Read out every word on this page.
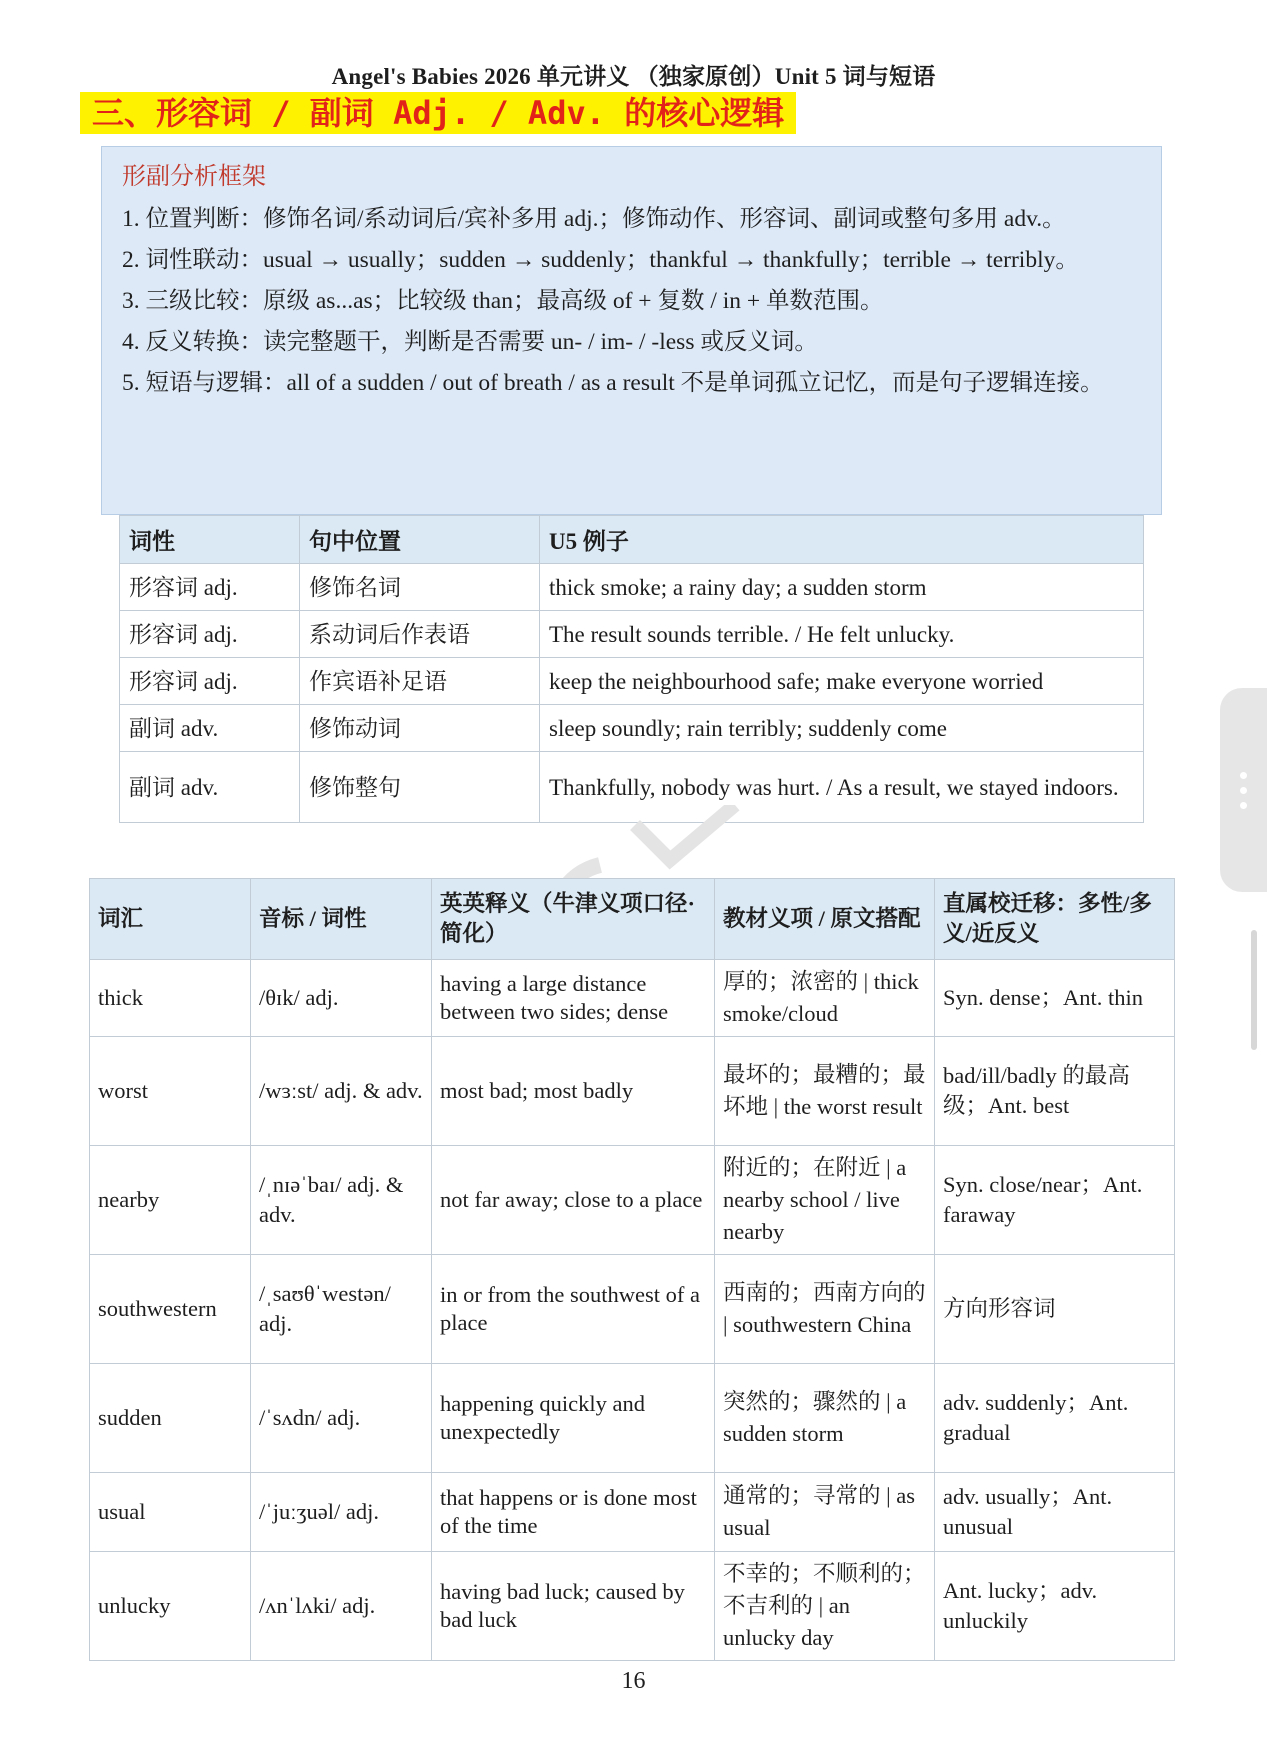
Angel's Babies 2026 单元讲义 （独家原创）Unit 5 词与短语
三、形容词 / 副词 Adj. / Adv. 的核心逻辑
形副分析框架
1. 位置判断：修饰名词/系动词后/宾补多用 adj.；修饰动作、形容词、副词或整句多用 adv.。
2. 词性联动：usual → usually；sudden → suddenly；thankful → thankfully；terrible → terribly。
3. 三级比较：原级 as...as；比较级 than；最高级 of + 复数 / in + 单数范围。
4. 反义转换：读完整题干，判断是否需要 un- / im- / -less 或反义词。
5. 短语与逻辑：all of a sudden / out of breath / as a result 不是单词孤立记忆，而是句子逻辑连接。
词性	句中位置	U5 例子
形容词 adj.	修饰名词	thick smoke; a rainy day; a sudden storm
形容词 adj.	系动词后作表语	The result sounds terrible. / He felt unlucky.
形容词 adj.	作宾语补足语	keep the neighbourhood safe; make everyone worried
副词 adv.	修饰动词	sleep soundly; rain terribly; suddenly come
副词 adv.	修饰整句	Thankfully, nobody was hurt. / As a result, we stayed indoors.
词汇	音标 / 词性	英英释义（牛津义项口径·简化）	教材义项 / 原文搭配	直属校迁移：多性/多义/近反义
thick	/θɪk/ adj.	having a large distance between two sides; dense	厚的；浓密的 | thick smoke/cloud	Syn. dense；Ant. thin
worst	/wɜːst/ adj. & adv.	most bad; most badly	最坏的；最糟的；最坏地 | the worst result	bad/ill/badly 的最高级；Ant. best
nearby	/ˌnɪəˈbaɪ/ adj. & adv.	not far away; close to a place	附近的；在附近 | a nearby school / live nearby	Syn. close/near；Ant. faraway
southwestern	/ˌsaʊθˈwestən/ adj.	in or from the southwest of a place	西南的；西南方向的 | southwestern China	方向形容词
sudden	/ˈsʌdn/ adj.	happening quickly and unexpectedly	突然的；骤然的 | a sudden storm	adv. suddenly；Ant. gradual
usual	/ˈjuːʒuəl/ adj.	that happens or is done most of the time	通常的；寻常的 | as usual	adv. usually；Ant. unusual
unlucky	/ʌnˈlʌki/ adj.	having bad luck; caused by bad luck	不幸的；不顺利的；不吉利的 | an unlucky day	Ant. lucky；adv. unluckily
16
